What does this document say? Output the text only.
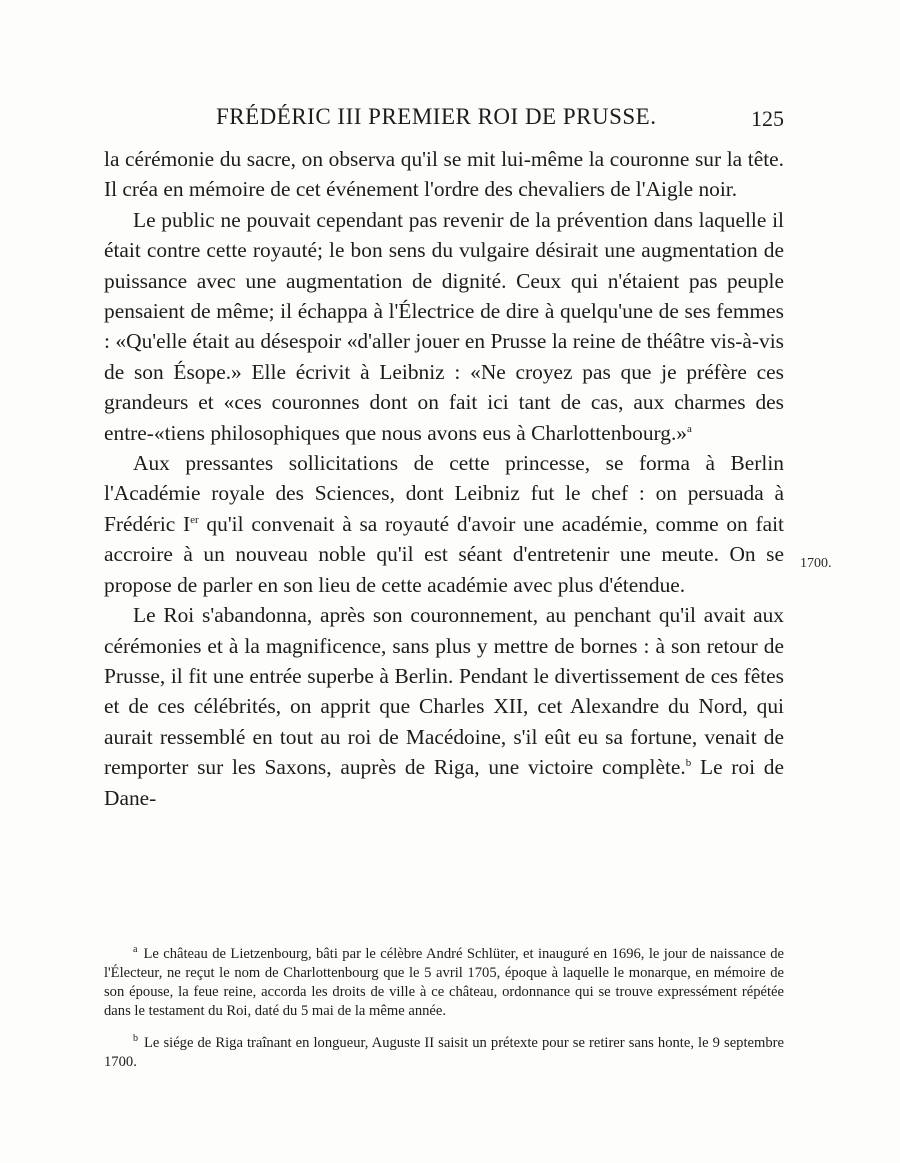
FRÉDÉRIC III PREMIER ROI DE PRUSSE.	125

la cérémonie du sacre, on observa qu'il se mit lui-même la couronne sur la tête. Il créa en mémoire de cet événement l'ordre des chevaliers de l'Aigle noir.

Le public ne pouvait cependant pas revenir de la prévention dans laquelle il était contre cette royauté; le bon sens du vulgaire désirait une augmentation de puissance avec une augmentation de dignité. Ceux qui n'étaient pas peuple pensaient de même; il échappa à l'Électrice de dire à quelqu'une de ses femmes : «Qu'elle était au désespoir «d'aller jouer en Prusse la reine de théâtre vis-à-vis de son Ésope.» Elle écrivit à Leibniz : «Ne croyez pas que je préfère ces grandeurs et «ces couronnes dont on fait ici tant de cas, aux charmes des entre-«tiens philosophiques que nous avons eus à Charlottenbourg.»$^a$

Aux pressantes sollicitations de cette princesse, se forma à Berlin l'Académie royale des Sciences, dont Leibniz fut le chef : on persuada à Frédéric Ier qu'il convenait à sa royauté d'avoir une académie, comme on fait accroire à un nouveau noble qu'il est séant d'entretenir une meute. On se propose de parler en son lieu de cette académie avec plus d'étendue.

Le Roi s'abandonna, après son couronnement, au penchant qu'il avait aux cérémonies et à la magnificence, sans plus y mettre de bornes : à son retour de Prusse, il fit une entrée superbe à Berlin. Pendant le divertissement de ces fêtes et de ces célébrités, on apprit que Charles XII, cet Alexandre du Nord, qui aurait ressemblé en tout au roi de Macédoine, s'il eût eu sa fortune, venait de remporter sur les Saxons, auprès de Riga, une victoire complète.$^b$ Le roi de Dane-

1700.

$^a$ Le château de Lietzenbourg, bâti par le célèbre André Schlüter, et inauguré en 1696, le jour de naissance de l'Électeur, ne reçut le nom de Charlottenbourg que le 5 avril 1705, époque à laquelle le monarque, en mémoire de son épouse, la feue reine, accorda les droits de ville à ce château, ordonnance qui se trouve expressément répétée dans le testament du Roi, daté du 5 mai de la même année.

$^b$ Le siége de Riga traînant en longueur, Auguste II saisit un prétexte pour se retirer sans honte, le 9 septembre 1700.
